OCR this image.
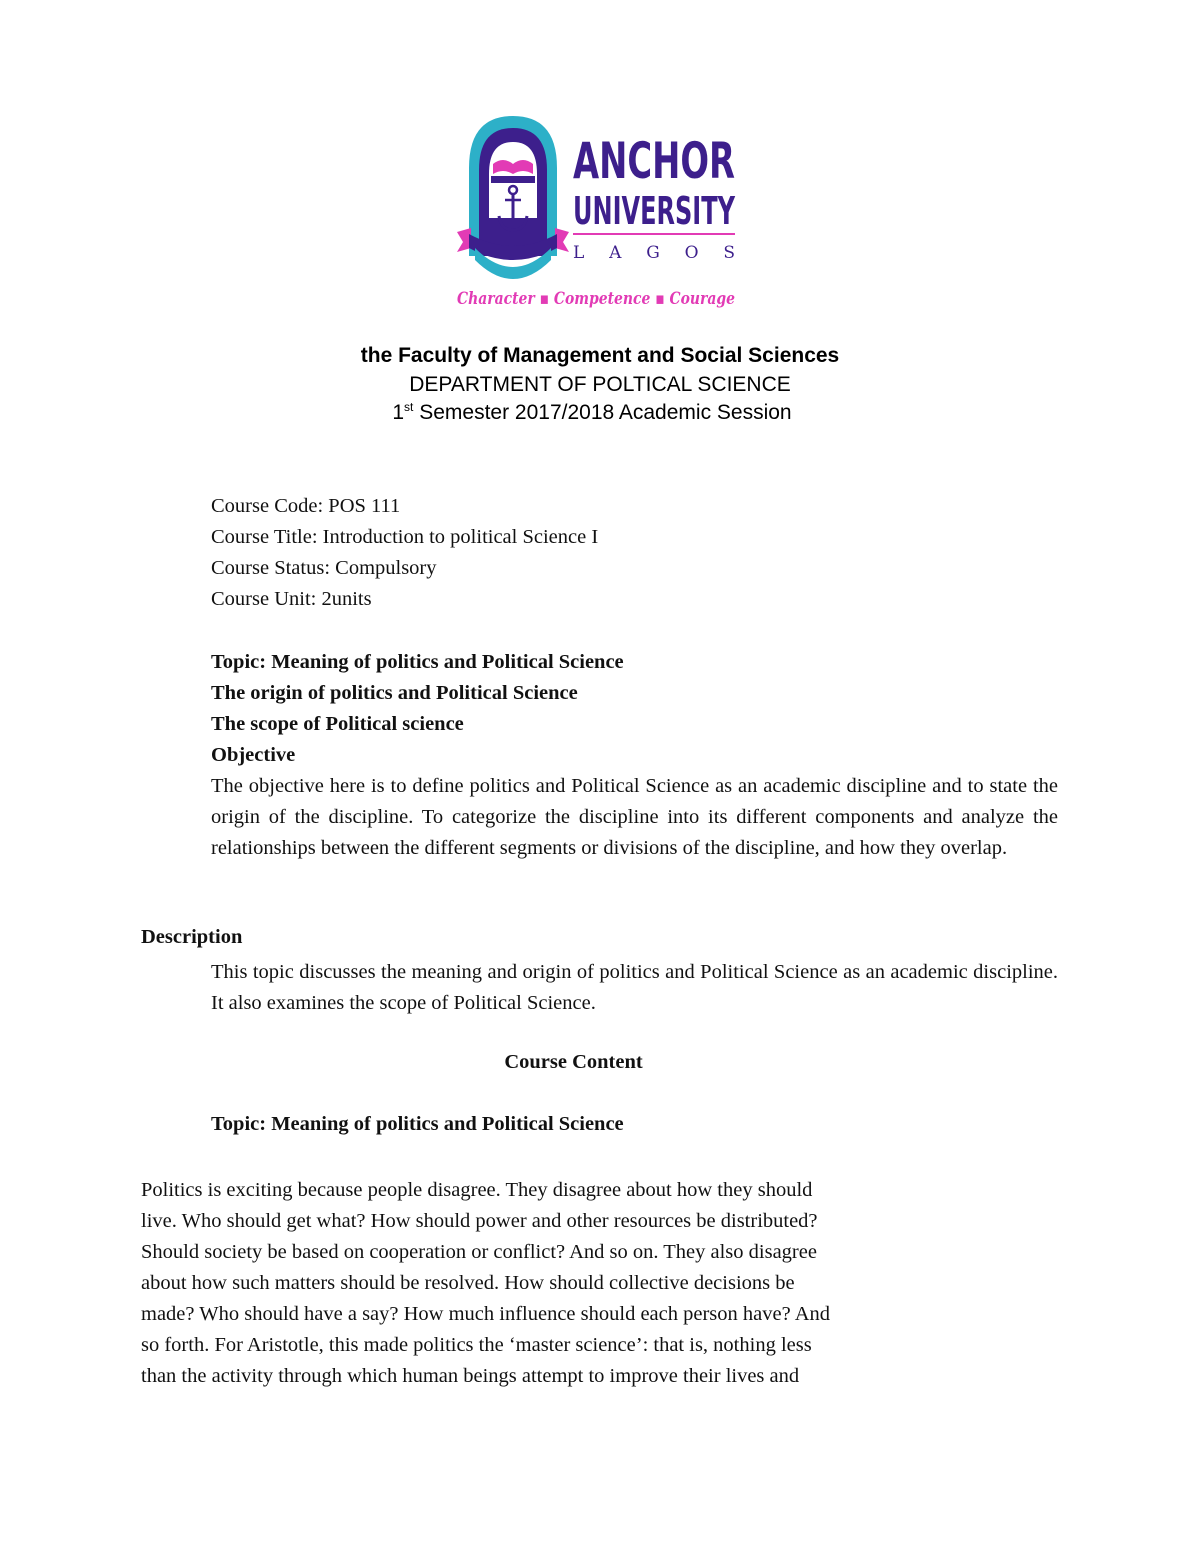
ANCHOR
UNIVERSITY
L A G O S
Character ▪ Competence ▪ Courage
the Faculty of Management and Social Sciences
DEPARTMENT OF POLTICAL SCIENCE
1st Semester 2017/2018 Academic Session
Course Code: POS 111
Course Title: Introduction to political Science I
Course Status: Compulsory
Course Unit: 2units
Topic: Meaning of politics and Political Science
The origin of politics and Political Science
The scope of Political science
Objective
The objective here is to define politics and Political Science as an academic discipline and to state the origin of the discipline. To categorize the discipline into its different components and analyze the relationships between the different segments or divisions of the discipline, and how they overlap.
Description
This topic discusses the meaning and origin of politics and Political Science as an academic discipline. It also examines the scope of Political Science.
Course Content
Topic: Meaning of politics and Political Science
Politics is exciting because people disagree. They disagree about how they should
live. Who should get what? How should power and other resources be distributed?
Should society be based on cooperation or conflict? And so on. They also disagree
about how such matters should be resolved. How should collective decisions be
made? Who should have a say? How much influence should each person have? And
so forth. For Aristotle, this made politics the ‘master science’: that is, nothing less
than the activity through which human beings attempt to improve their lives and
